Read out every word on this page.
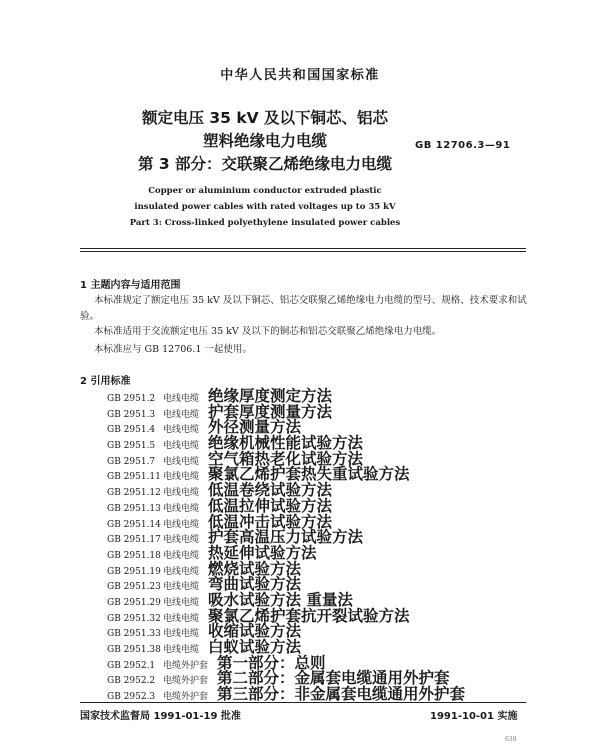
中华人民共和国国家标准
额定电压 35 kV 及以下铜芯、铝芯
塑料绝缘电力电缆
第 3 部分：交联聚乙烯绝缘电力电缆
GB 12706.3—91
Copper or aluminium conductor extruded plastic
insulated power cables with rated voltages up to 35 kV
Part 3: Cross-linked polyethylene insulated power cables
1 主题内容与适用范围
本标准规定了额定电压 35 kV 及以下铜芯、铝芯交联聚乙烯绝缘电力电缆的型号、规格、技术要求和试验。
本标准适用于交流额定电压 35 kV 及以下的铜芯和铝芯交联聚乙烯绝缘电力电缆。
本标准应与 GB 12706.1 一起使用。
2 引用标准
GB 2951.2 电线电缆 绝缘厚度测定方法
GB 2951.3 电线电缆 护套厚度测量方法
GB 2951.4 电线电缆 外径测量方法
GB 2951.5 电线电缆 绝缘机械性能试验方法
GB 2951.7 电线电缆 空气箱热老化试验方法
GB 2951.11 电线电缆 聚氯乙烯护套热失重试验方法
GB 2951.12 电线电缆 低温卷绕试验方法
GB 2951.13 电线电缆 低温拉伸试验方法
GB 2951.14 电线电缆 低温冲击试验方法
GB 2951.17 电线电缆 护套高温压力试验方法
GB 2951.18 电线电缆 热延伸试验方法
GB 2951.19 电线电缆 燃烧试验方法
GB 2951.23 电线电缆 弯曲试验方法
GB 2951.29 电线电缆 吸水试验方法 重量法
GB 2951.32 电线电缆 聚氯乙烯护套抗开裂试验方法
GB 2951.33 电线电缆 收缩试验方法
GB 2951.38 电线电缆 白蚁试验方法
GB 2952.1 电缆外护套 第一部分：总则
GB 2952.2 电缆外护套 第二部分：金属套电缆通用外护套
GB 2952.3 电缆外护套 第三部分：非金属套电缆通用外护套
国家技术监督局 1991-01-19 批准	1991-10-01 实施
639
